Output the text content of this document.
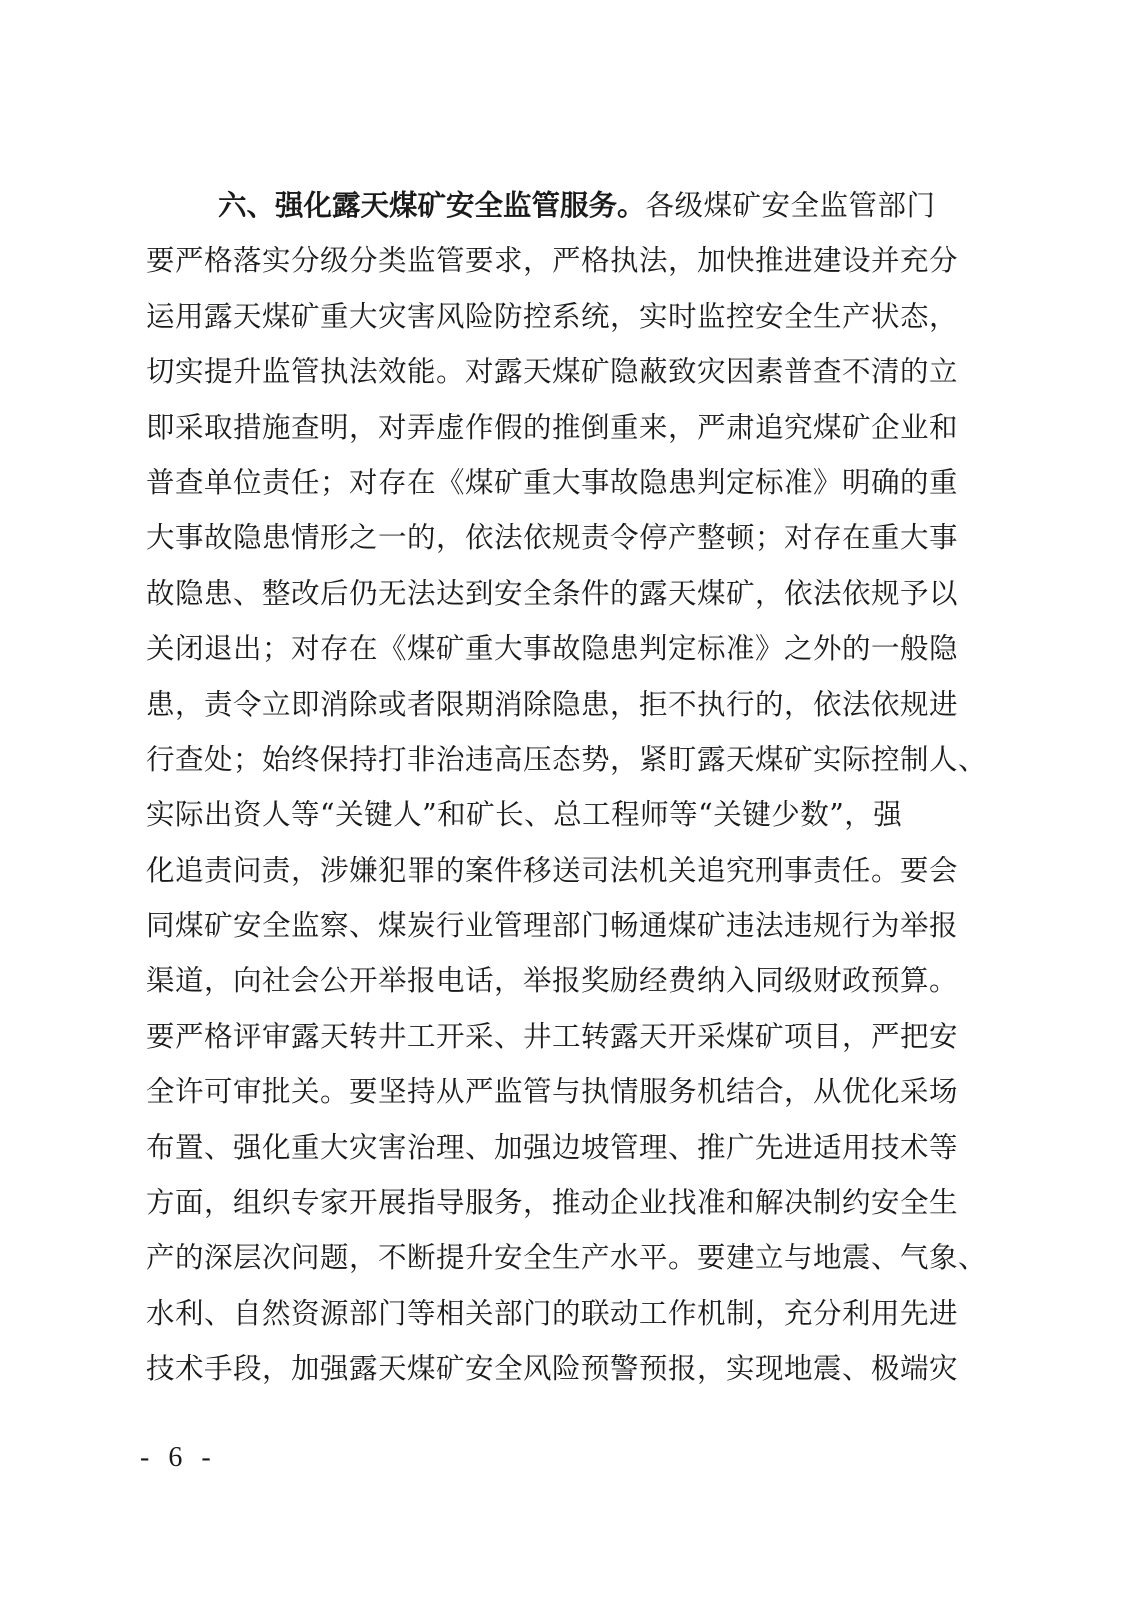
六、强化露天煤矿安全监管服务。各级煤矿安全监管部门
要严格落实分级分类监管要求，严格执法，加快推进建设并充分
运用露天煤矿重大灾害风险防控系统，实时监控安全生产状态，
切实提升监管执法效能。对露天煤矿隐蔽致灾因素普查不清的立
即采取措施查明，对弄虚作假的推倒重来，严肃追究煤矿企业和
普查单位责任；对存在《煤矿重大事故隐患判定标准》明确的重
大事故隐患情形之一的，依法依规责令停产整顿；对存在重大事
故隐患、整改后仍无法达到安全条件的露天煤矿，依法依规予以
关闭退出；对存在《煤矿重大事故隐患判定标准》之外的一般隐
患，责令立即消除或者限期消除隐患，拒不执行的，依法依规进
行查处；始终保持打非治违高压态势，紧盯露天煤矿实际控制人、
实际出资人等“关键人”和矿长、总工程师等“关键少数”，强
化追责问责，涉嫌犯罪的案件移送司法机关追究刑事责任。要会
同煤矿安全监察、煤炭行业管理部门畅通煤矿违法违规行为举报
渠道，向社会公开举报电话，举报奖励经费纳入同级财政预算。
要严格评审露天转井工开采、井工转露天开采煤矿项目，严把安
全许可审批关。要坚持从严监管与执情服务机结合，从优化采场
布置、强化重大灾害治理、加强边坡管理、推广先进适用技术等
方面，组织专家开展指导服务，推动企业找准和解决制约安全生
产的深层次问题，不断提升安全生产水平。要建立与地震、气象、
水利、自然资源部门等相关部门的联动工作机制，充分利用先进
技术手段，加强露天煤矿安全风险预警预报，实现地震、极端灾
- 6 -
